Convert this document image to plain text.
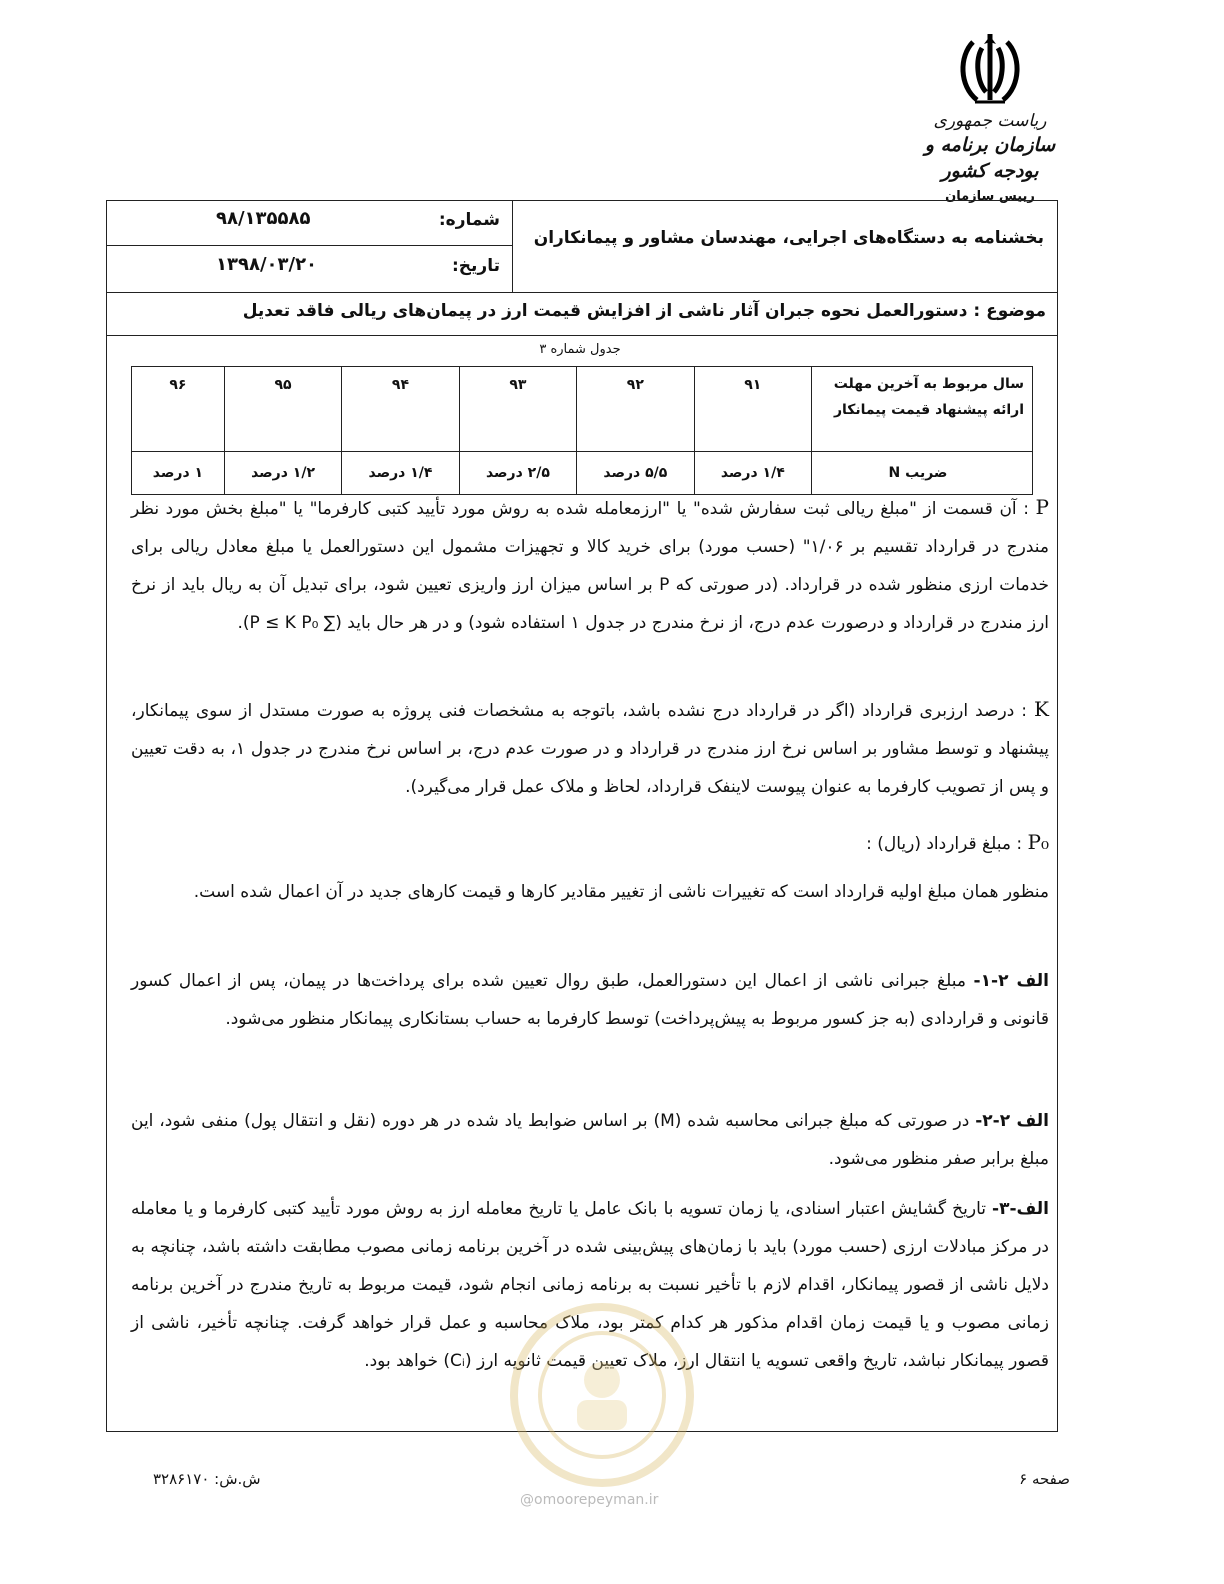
ریاست جمهوری
سازمان برنامه و بودجه کشور
رییس سازمان
بخشنامه به دستگاه‌های اجرایی، مهندسان مشاور و پیمانکاران
شماره:
۹۸/۱۳۵۵۸۵
تاریخ:
۱۳۹۸/۰۳/۲۰
موضوع : دستورالعمل نحوه جبران آثار ناشی از افزایش قیمت ارز در پیمان‌های ریالی فاقد تعدیل
جدول شماره ۳
سال مربوط به آخرین مهلت ارائه پیشنهاد قیمت پیمانکار	۹۱	۹۲	۹۳	۹۴	۹۵	۹۶
ضریب N	۱/۴ درصد	۵/۵ درصد	۲/۵ درصد	۱/۴ درصد	۱/۲ درصد	۱ درصد
P : آن قسمت از "مبلغ ریالی ثبت سفارش شده" یا "ارزمعامله شده به روش مورد تأیید کتبی کارفرما" یا "مبلغ بخش مورد نظر مندرج در قرارداد تقسیم بر ۱/۰۶" (حسب مورد) برای خرید کالا و تجهیزات مشمول این دستورالعمل یا مبلغ معادل ریالی برای خدمات ارزی منظور شده در قرارداد. (در صورتی که P بر اساس میزان ارز واریزی تعیین شود، برای تبدیل آن به ریال باید از نرخ ارز مندرج در قرارداد و درصورت عدم درج، از نرخ مندرج در جدول ۱ استفاده شود) و در هر حال باید (∑ P ≤ K P₀).
K : درصد ارزبری قرارداد (اگر در قرارداد درج نشده باشد، باتوجه به مشخصات فنی پروژه به صورت مستدل از سوی پیمانکار، پیشنهاد و توسط مشاور بر اساس نرخ ارز مندرج در قرارداد و در صورت عدم درج، بر اساس نرخ مندرج در جدول ۱، به دقت تعیین و پس از تصویب کارفرما به عنوان پیوست لاینفک قرارداد، لحاظ و ملاک عمل قرار می‌گیرد).
P₀ : مبلغ قرارداد (ریال) :
منظور همان مبلغ اولیه قرارداد است که تغییرات ناشی از تغییر مقادیر کارها و قیمت کارهای جدید در آن اعمال شده است.
الف ۲-۱- مبلغ جبرانی ناشی از اعمال این دستورالعمل، طبق روال تعیین شده برای پرداخت‌ها در پیمان، پس از اعمال کسور قانونی و قراردادی (به جز کسور مربوط به پیش‌پرداخت) توسط کارفرما به حساب بستانکاری پیمانکار منظور می‌شود.
الف ۲-۲- در صورتی که مبلغ جبرانی محاسبه شده (M) بر اساس ضوابط یاد شده در هر دوره (نقل و انتقال پول) منفی شود، این مبلغ برابر صفر منظور می‌شود.
الف-۳- تاریخ گشایش اعتبار اسنادی، یا زمان تسویه با بانک عامل یا تاریخ معامله ارز به روش مورد تأیید کتبی کارفرما و یا معامله در مرکز مبادلات ارزی (حسب مورد) باید با زمان‌های پیش‌بینی شده در آخرین برنامه زمانی مصوب مطابقت داشته باشد، چنانچه به دلایل ناشی از قصور پیمانکار، اقدام لازم با تأخیر نسبت به برنامه زمانی انجام شود، قیمت مربوط به تاریخ مندرج در آخرین برنامه زمانی مصوب و یا قیمت زمان اقدام مذکور هر کدام کمتر بود، ملاک محاسبه و عمل قرار خواهد گرفت. چنانچه تأخیر، ناشی از قصور پیمانکار نباشد، تاریخ واقعی تسویه یا انتقال ارز، ملاک تعیین قیمت ثانویه ارز (Cᵢ) خواهد بود.
@omoorepeyman.ir
صفحه ۶
ش.ش: ۳۲۸۶۱۷۰
